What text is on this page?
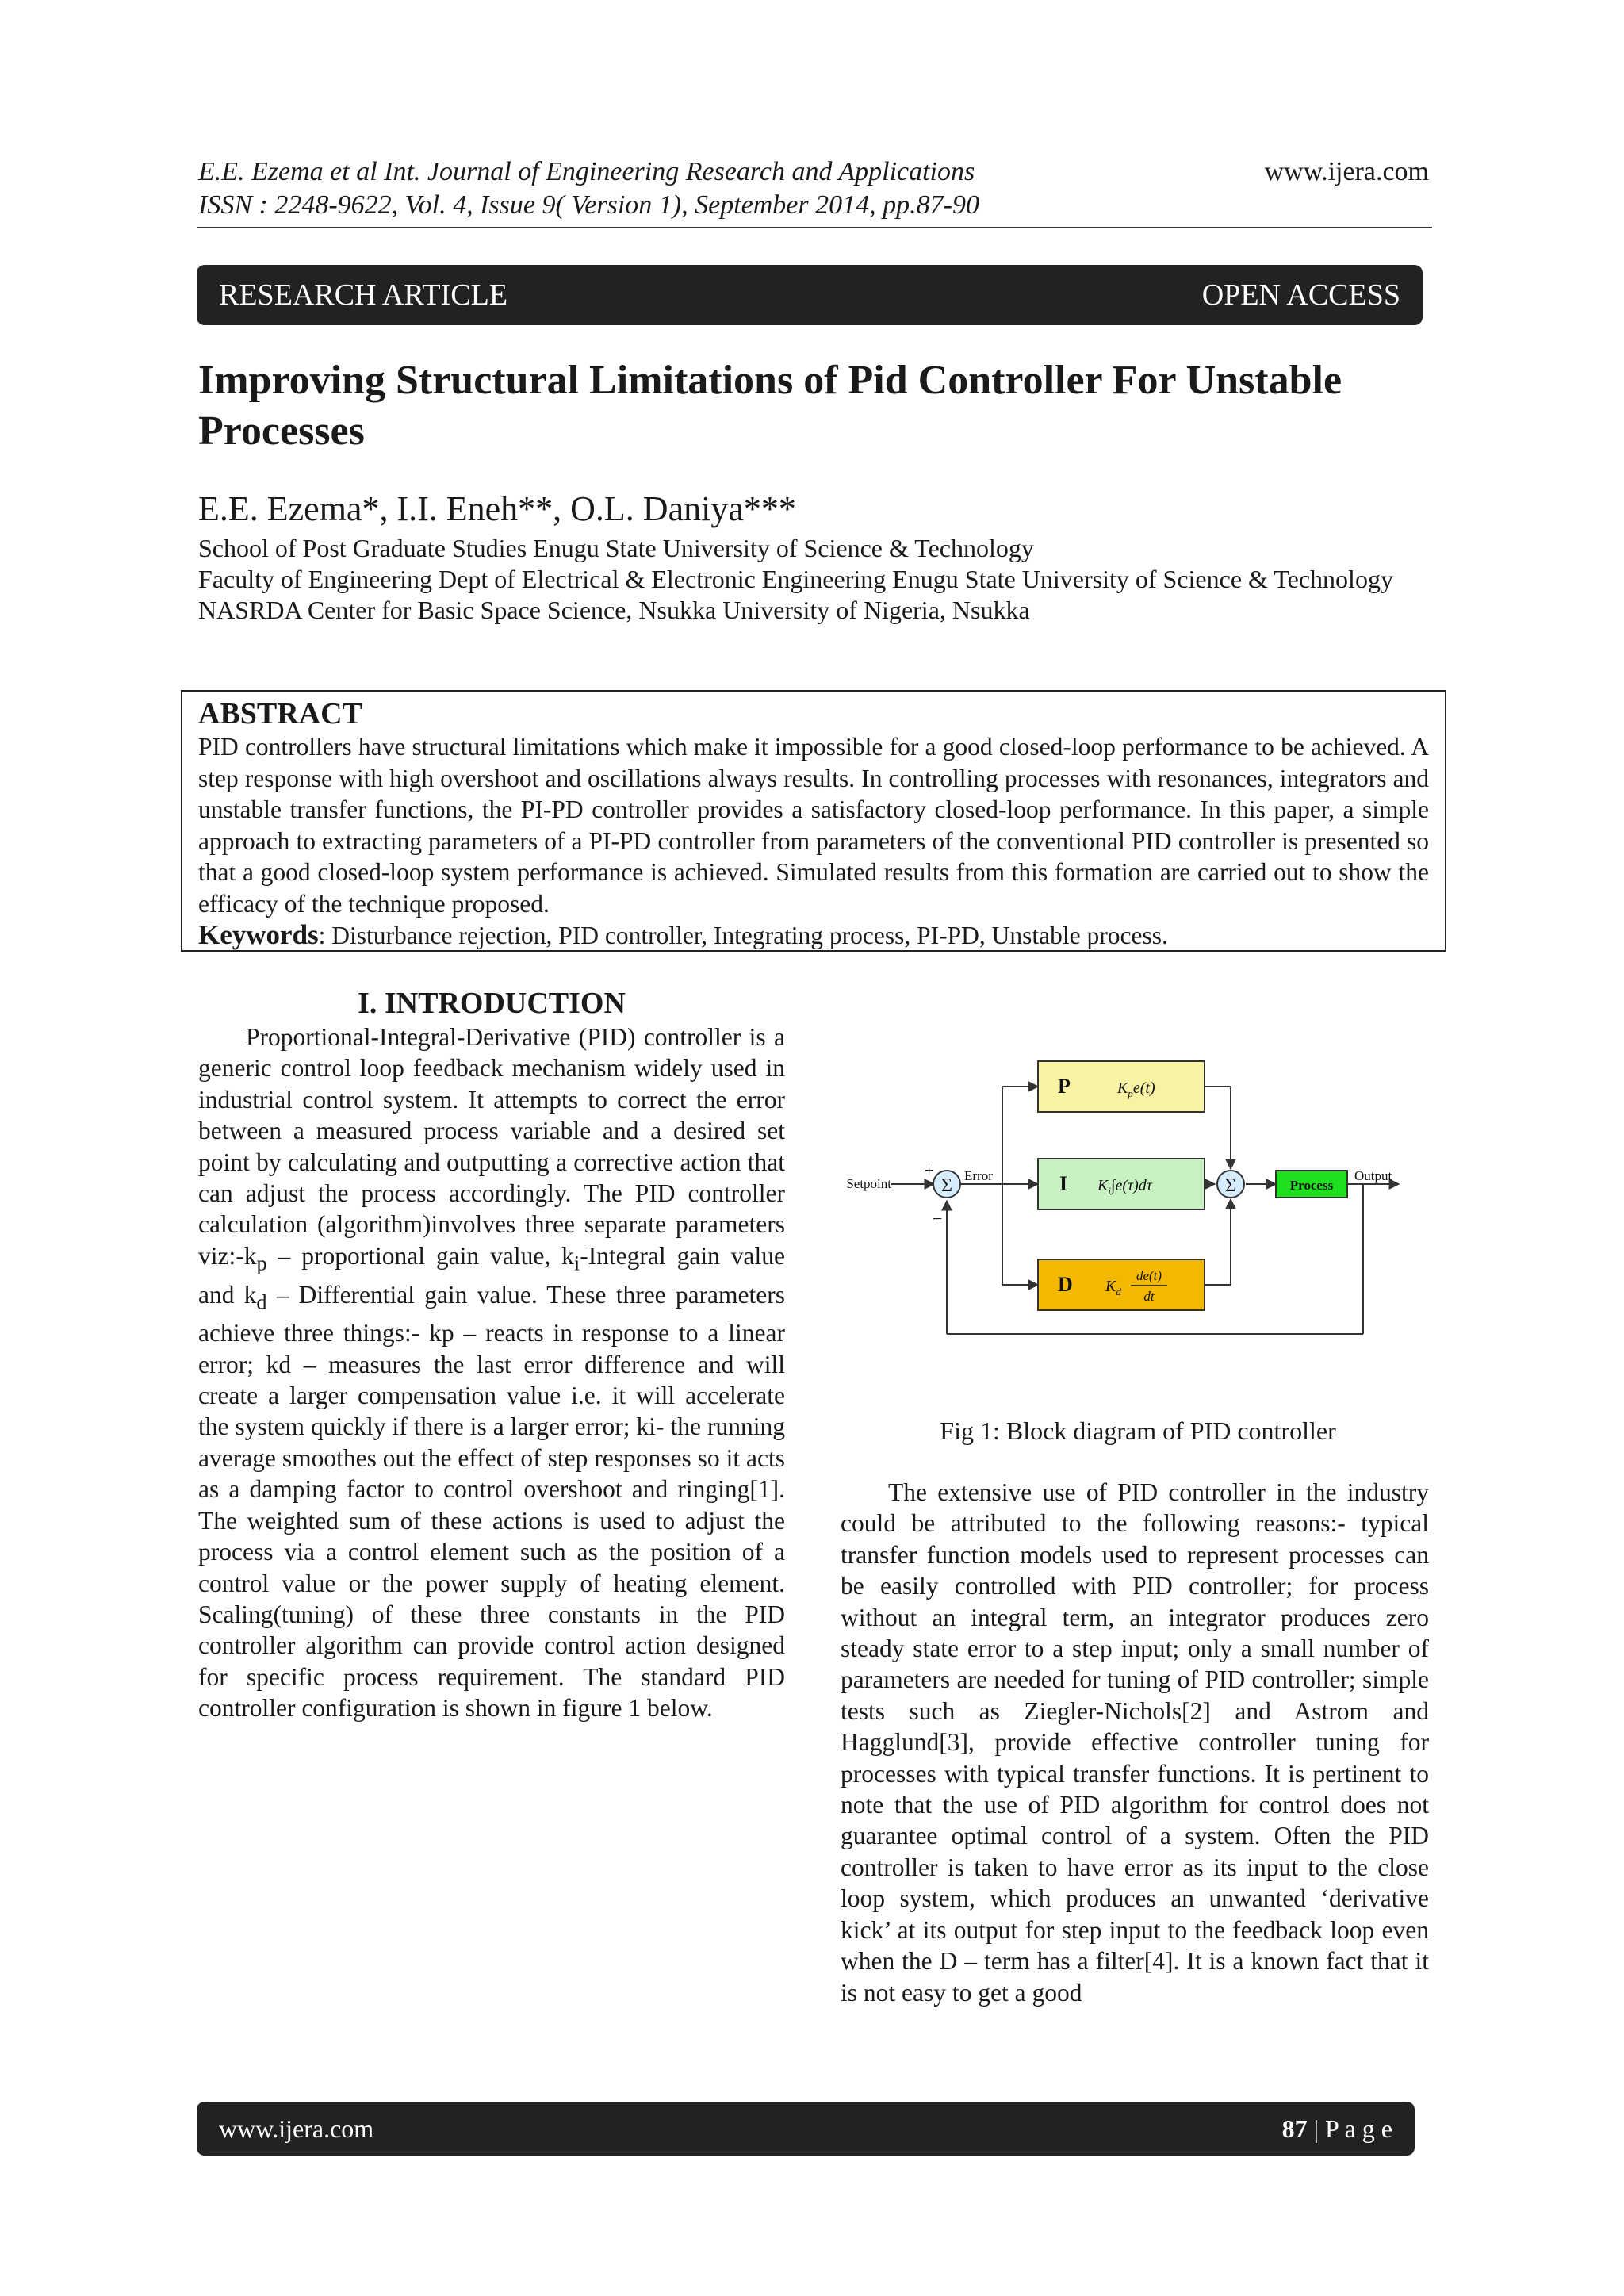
E.E. Ezema et al Int. Journal of Engineering Research and Applications
ISSN : 2248-9622, Vol. 4, Issue 9( Version 1), September 2014, pp.87-90
www.ijera.com
RESEARCH ARTICLE	OPEN ACCESS
Improving Structural Limitations of Pid Controller For Unstable Processes
E.E. Ezema*, I.I. Eneh**, O.L. Daniya***
School of Post Graduate Studies Enugu State University of Science & Technology
Faculty of Engineering Dept of Electrical & Electronic Engineering Enugu State University of Science & Technology
NASRDA Center for Basic Space Science, Nsukka University of Nigeria, Nsukka
ABSTRACT
PID controllers have structural limitations which make it impossible for a good closed-loop performance to be achieved. A step response with high overshoot and oscillations always results. In controlling processes with resonances, integrators and unstable transfer functions, the PI-PD controller provides a satisfactory closed-loop performance. In this paper, a simple approach to extracting parameters of a PI-PD controller from parameters of the conventional PID controller is presented so that a good closed-loop system performance is achieved. Simulated results from this formation are carried out to show the efficacy of the technique proposed.
Keywords: Disturbance rejection, PID controller, Integrating process, PI-PD, Unstable process.
I. INTRODUCTION
Proportional-Integral-Derivative (PID) controller is a generic control loop feedback mechanism widely used in industrial control system. It attempts to correct the error between a measured process variable and a desired set point by calculating and outputting a corrective action that can adjust the process accordingly. The PID controller calculation (algorithm)involves three separate parameters $viz:-k_p$ – proportional gain value, $k_i$-Integral gain value and $k_d$ – Differential gain value. These three parameters achieve three things:- kp – reacts in response to a linear error; kd – measures the last error difference and will create a larger compensation value i.e. it will accelerate the system quickly if there is a larger error; ki- the running average smoothes out the effect of step responses so it acts as a damping factor to control overshoot and ringing[1]. The weighted sum of these actions is used to adjust the process via a control element such as the position of a control value or the power supply of heating element. Scaling(tuning) of these three constants in the PID controller algorithm can provide control action designed for specific process requirement. The standard PID controller configuration is shown in figure 1 below.
Σ	Σ
+
−
Setpoint
Error	Output
P	$K_pe(t)$
I $K_i\int e(\tau)d\tau$
D $K_d$
de(t)
dt
Process
Fig 1: Block diagram of PID controller
The extensive use of PID controller in the industry could be attributed to the following reasons:- typical transfer function models used to represent processes can be easily controlled with PID controller; for process without an integral term, an integrator produces zero steady state error to a step input; only a small number of parameters are needed for tuning of PID controller; simple tests such as Ziegler-Nichols[2] and Astrom and Hagglund[3], provide effective controller tuning for processes with typical transfer functions. It is pertinent to note that the use of PID algorithm for control does not guarantee optimal control of a system. Often the PID controller is taken to have error as its input to the close loop system, which produces an unwanted ‘derivative kick’ at its output for step input to the feedback loop even when the D – term has a filter[4]. It is a known fact that it is not easy to get a good
www.ijera.com	87 | P a g e
